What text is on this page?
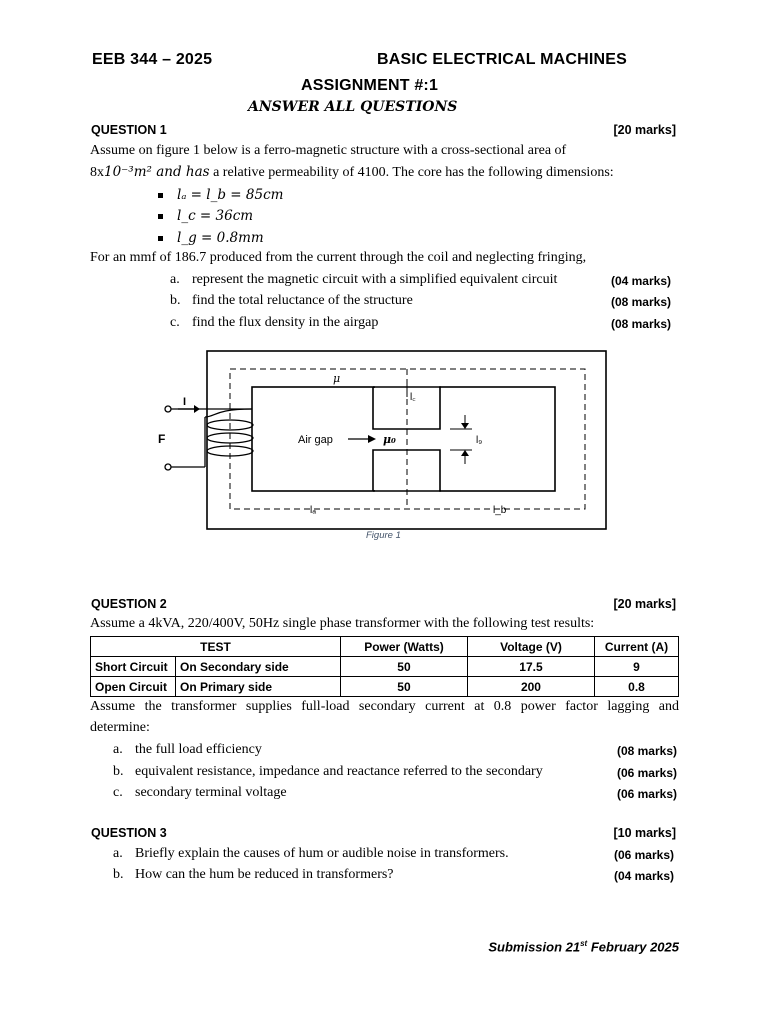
EEB 344 – 2025	BASIC ELECTRICAL MACHINES
ASSIGNMENT #:1
ANSWER ALL QUESTIONS
QUESTION 1	[20 marks]
Assume on figure 1 below is a ferro-magnetic structure with a cross-sectional area of
8x10⁻³m² and has a relative permeability of 4100. The core has the following dimensions:
lₐ = l_b = 85cm
l_c = 36cm
l_g = 0.8mm
For an mmf of 186.7 produced from the current through the coil and neglecting fringing,
a. represent the magnetic circuit with a simplified equivalent circuit	(04 marks)
b. find the total reluctance of the structure	(08 marks)
c. find the flux density in the airgap	(08 marks)
μ
I
F	Air gap	μ₀
l꜀
l₉
lₐ	l_b
Figure 1
QUESTION 2	[20 marks]
Assume a 4kVA, 220/400V, 50Hz single phase transformer with the following test results:
TEST		Power (Watts)	Voltage (V)	Current (A)
Short Circuit	On Secondary side	50	17.5	9
Open Circuit	On Primary side	50	200	0.8
Assume the transformer supplies full-load secondary current at 0.8 power factor lagging and
determine:
a. the full load efficiency	(08 marks)
b. equivalent resistance, impedance and reactance referred to the secondary	(06 marks)
c. secondary terminal voltage	(06 marks)
QUESTION 3	[10 marks]
a. Briefly explain the causes of hum or audible noise in transformers.	(06 marks)
b. How can the hum be reduced in transformers?	(04 marks)
Submission 21st February 2025
